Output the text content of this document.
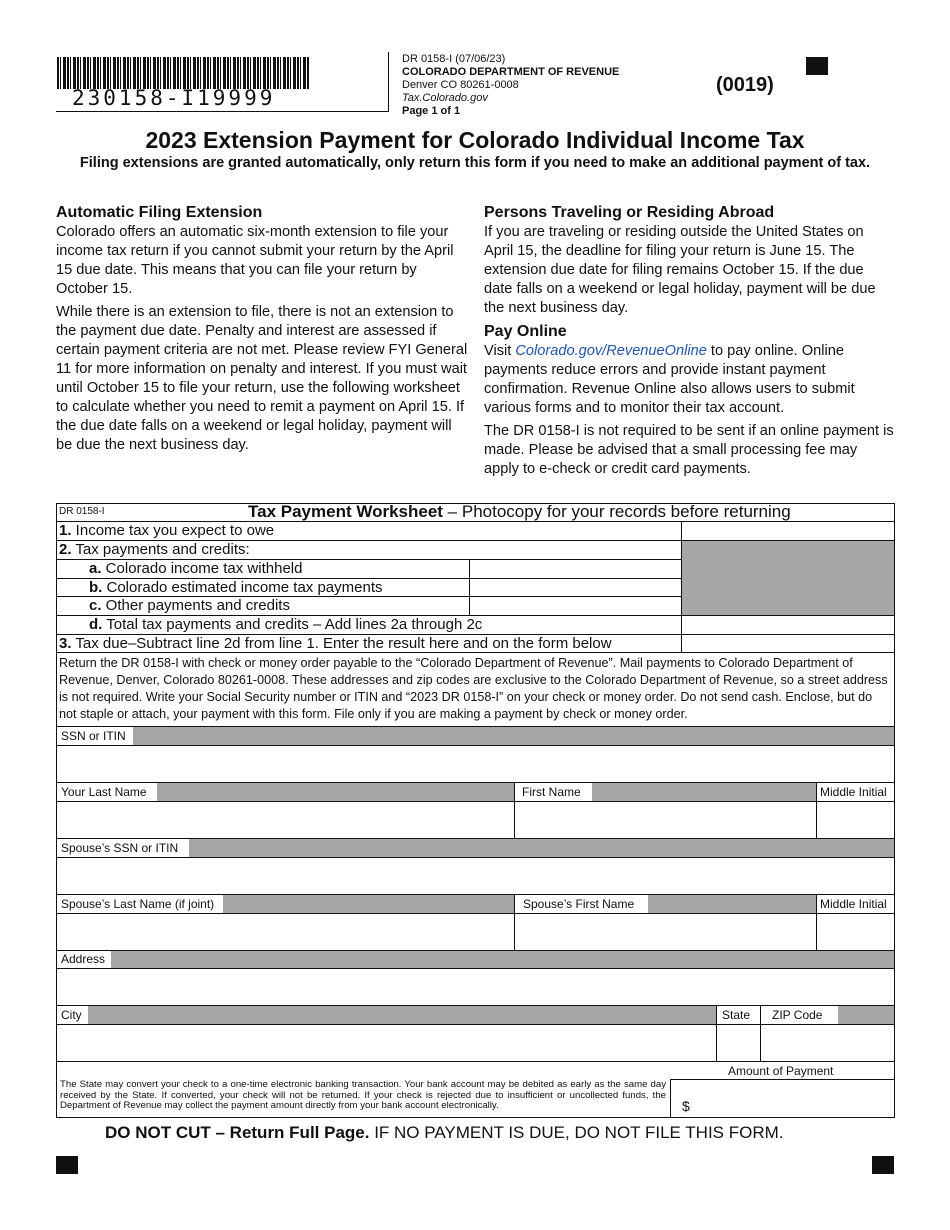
230158-I19999
DR 0158-I (07/06/23)
COLORADO DEPARTMENT OF REVENUE
Denver CO 80261-0008
Tax.Colorado.gov
Page 1 of 1
(0019)
2023 Extension Payment for Colorado Individual Income Tax
Filing extensions are granted automatically, only return this form if you need to make an additional payment of tax.
Automatic Filing Extension

Colorado offers an automatic six-month extension to file your income tax return if you cannot submit your return by the April 15 due date. This means that you can file your return by October 15.

While there is an extension to file, there is not an extension to the payment due date. Penalty and interest are assessed if certain payment criteria are not met. Please review FYI General 11 for more information on penalty and interest. If you must wait until October 15 to file your return, use the following worksheet to calculate whether you need to remit a payment on April 15. If the due date falls on a weekend or legal holiday, payment will be due the next business day.

Persons Traveling or Residing Abroad

If you are traveling or residing outside the United States on April 15, the deadline for filing your return is June 15. The extension due date for filing remains October 15. If the due date falls on a weekend or legal holiday, payment will be due the next business day.

Pay Online

Visit Colorado.gov/RevenueOnline to pay online. Online payments reduce errors and provide instant payment confirmation. Revenue Online also allows users to submit various forms and to monitor their tax account.

The DR 0158-I is not required to be sent if an online payment is made. Please be advised that a small processing fee may apply to e-check or credit card payments.

DR 0158-I	Tax Payment Worksheet – Photocopy for your records before returning
1. Income tax you expect to owe
2. Tax payments and credits:
a. Colorado income tax withheld
b. Colorado estimated income tax payments
c. Other payments and credits
d. Total tax payments and credits – Add lines 2a through 2c
3. Tax due–Subtract line 2d from line 1. Enter the result here and on the form below
Return the DR 0158-I with check or money order payable to the “Colorado Department of Revenue”. Mail payments to Colorado Department of Revenue, Denver, Colorado 80261-0008. These addresses and zip codes are exclusive to the Colorado Department of Revenue, so a street address is not required. Write your Social Security number or ITIN and “2023 DR 0158-I” on your check or money order. Do not send cash. Enclose, but do not staple or attach, your payment with this form. File only if you are making a payment by check or money order.
SSN or ITIN
Your Last Name	First Name	Middle Initial
Spouse’s SSN or ITIN
Spouse’s Last Name (if joint)	Spouse’s First Name	Middle Initial
Address
City	State ZIP Code
Amount of Payment
$
The State may convert your check to a one-time electronic banking transaction. Your bank account may be debited as early as the same day received by the State. If converted, your check will not be returned. If your check is rejected due to insufficient or uncollected funds, the Department of Revenue may collect the payment amount directly from your bank account electronically.
DO NOT CUT – Return Full Page. IF NO PAYMENT IS DUE, DO NOT FILE THIS FORM.
